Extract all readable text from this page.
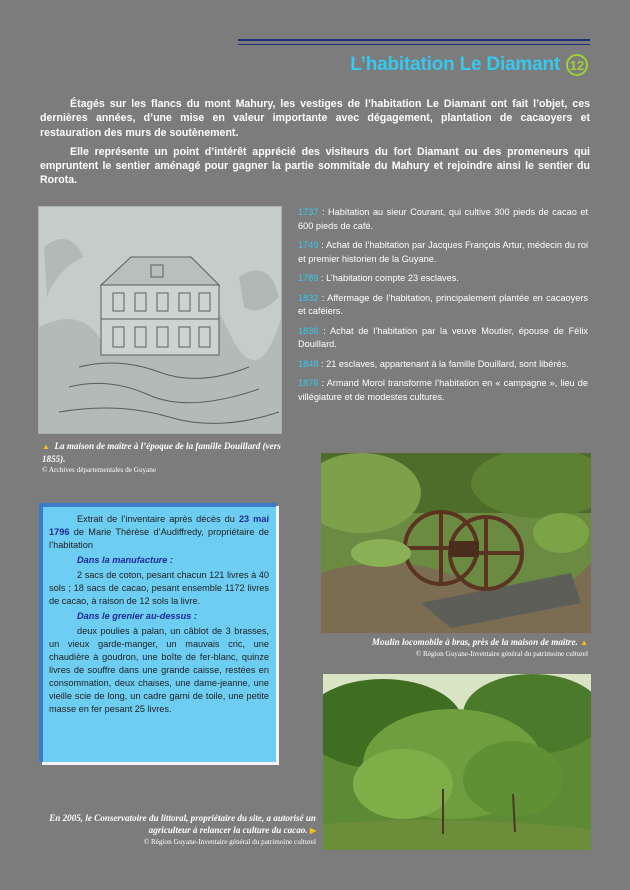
L’habitation Le Diamant 12

Étagés sur les flancs du mont Mahury, les vestiges de l’habitation Le Diamant ont fait l’objet, ces dernières années, d’une mise en valeur importante avec dégagement, plantation de cacaoyers et restauration des murs de soutènement.

Elle représente un point d’intérêt apprécié des visiteurs du fort Diamant ou des promeneurs qui empruntent le sentier aménagé pour gagner la partie sommitale du Mahury et rejoindre ainsi le sentier du Rorota.

1737 : Habitation au sieur Courant, qui cultive 300 pieds de cacao et 600 pieds de café.
1749 : Achat de l’habitation par Jacques François Artur, médecin du roi et premier historien de la Guyane.
1789 : L’habitation compte 23 esclaves.
1832 : Affermage de l’habitation, principalement plantée en cacaoyers et caféiers.
1836 : Achat de l’habitation par la veuve Moutier, épouse de Félix Douillard.
1848 : 21 esclaves, appartenant à la famille Douillard, sont libérés.
1876 : Armand Morol transforme l’habitation en « campagne », lieu de villégiature et de modestes cultures.
▲ La maison de maître à l’époque de la famille Douillard (vers 1855).
© Archives départementales de Guyane
Moulin locomobile à bras, près de la maison de maître. ▲
© Région Guyane-Inventaire général du patrimoine culturel

Extrait de l’inventaire après décès du 23 mai 1796 de Marie Thérèse d’Audiffredy, propriétaire de l’habitation

Dans la manufacture :

2 sacs de coton, pesant chacun 121 livres à 40 sols ; 18 sacs de cacao, pesant ensemble 1172 livres de cacao, à raison de 12 sols la livre.

Dans le grenier au-dessus :

deux poulies à palan, un câblot de 3 brasses, un vieux garde-manger, un mauvais cric, une chaudière à goudron, une boîte de fer-blanc, quinze livres de souffre dans une grande caisse, restées en consommation, deux chaises, une dame-jeanne, une vieille scie de long, un cadre garni de toile, une petite masse en fer pesant 25 livres.

En 2005, le Conservatoire du littoral, propriétaire du site, a autorisé un agriculteur à relancer la culture du cacao. ▶
© Région Guyane-Inventaire général du patrimoine culturel
